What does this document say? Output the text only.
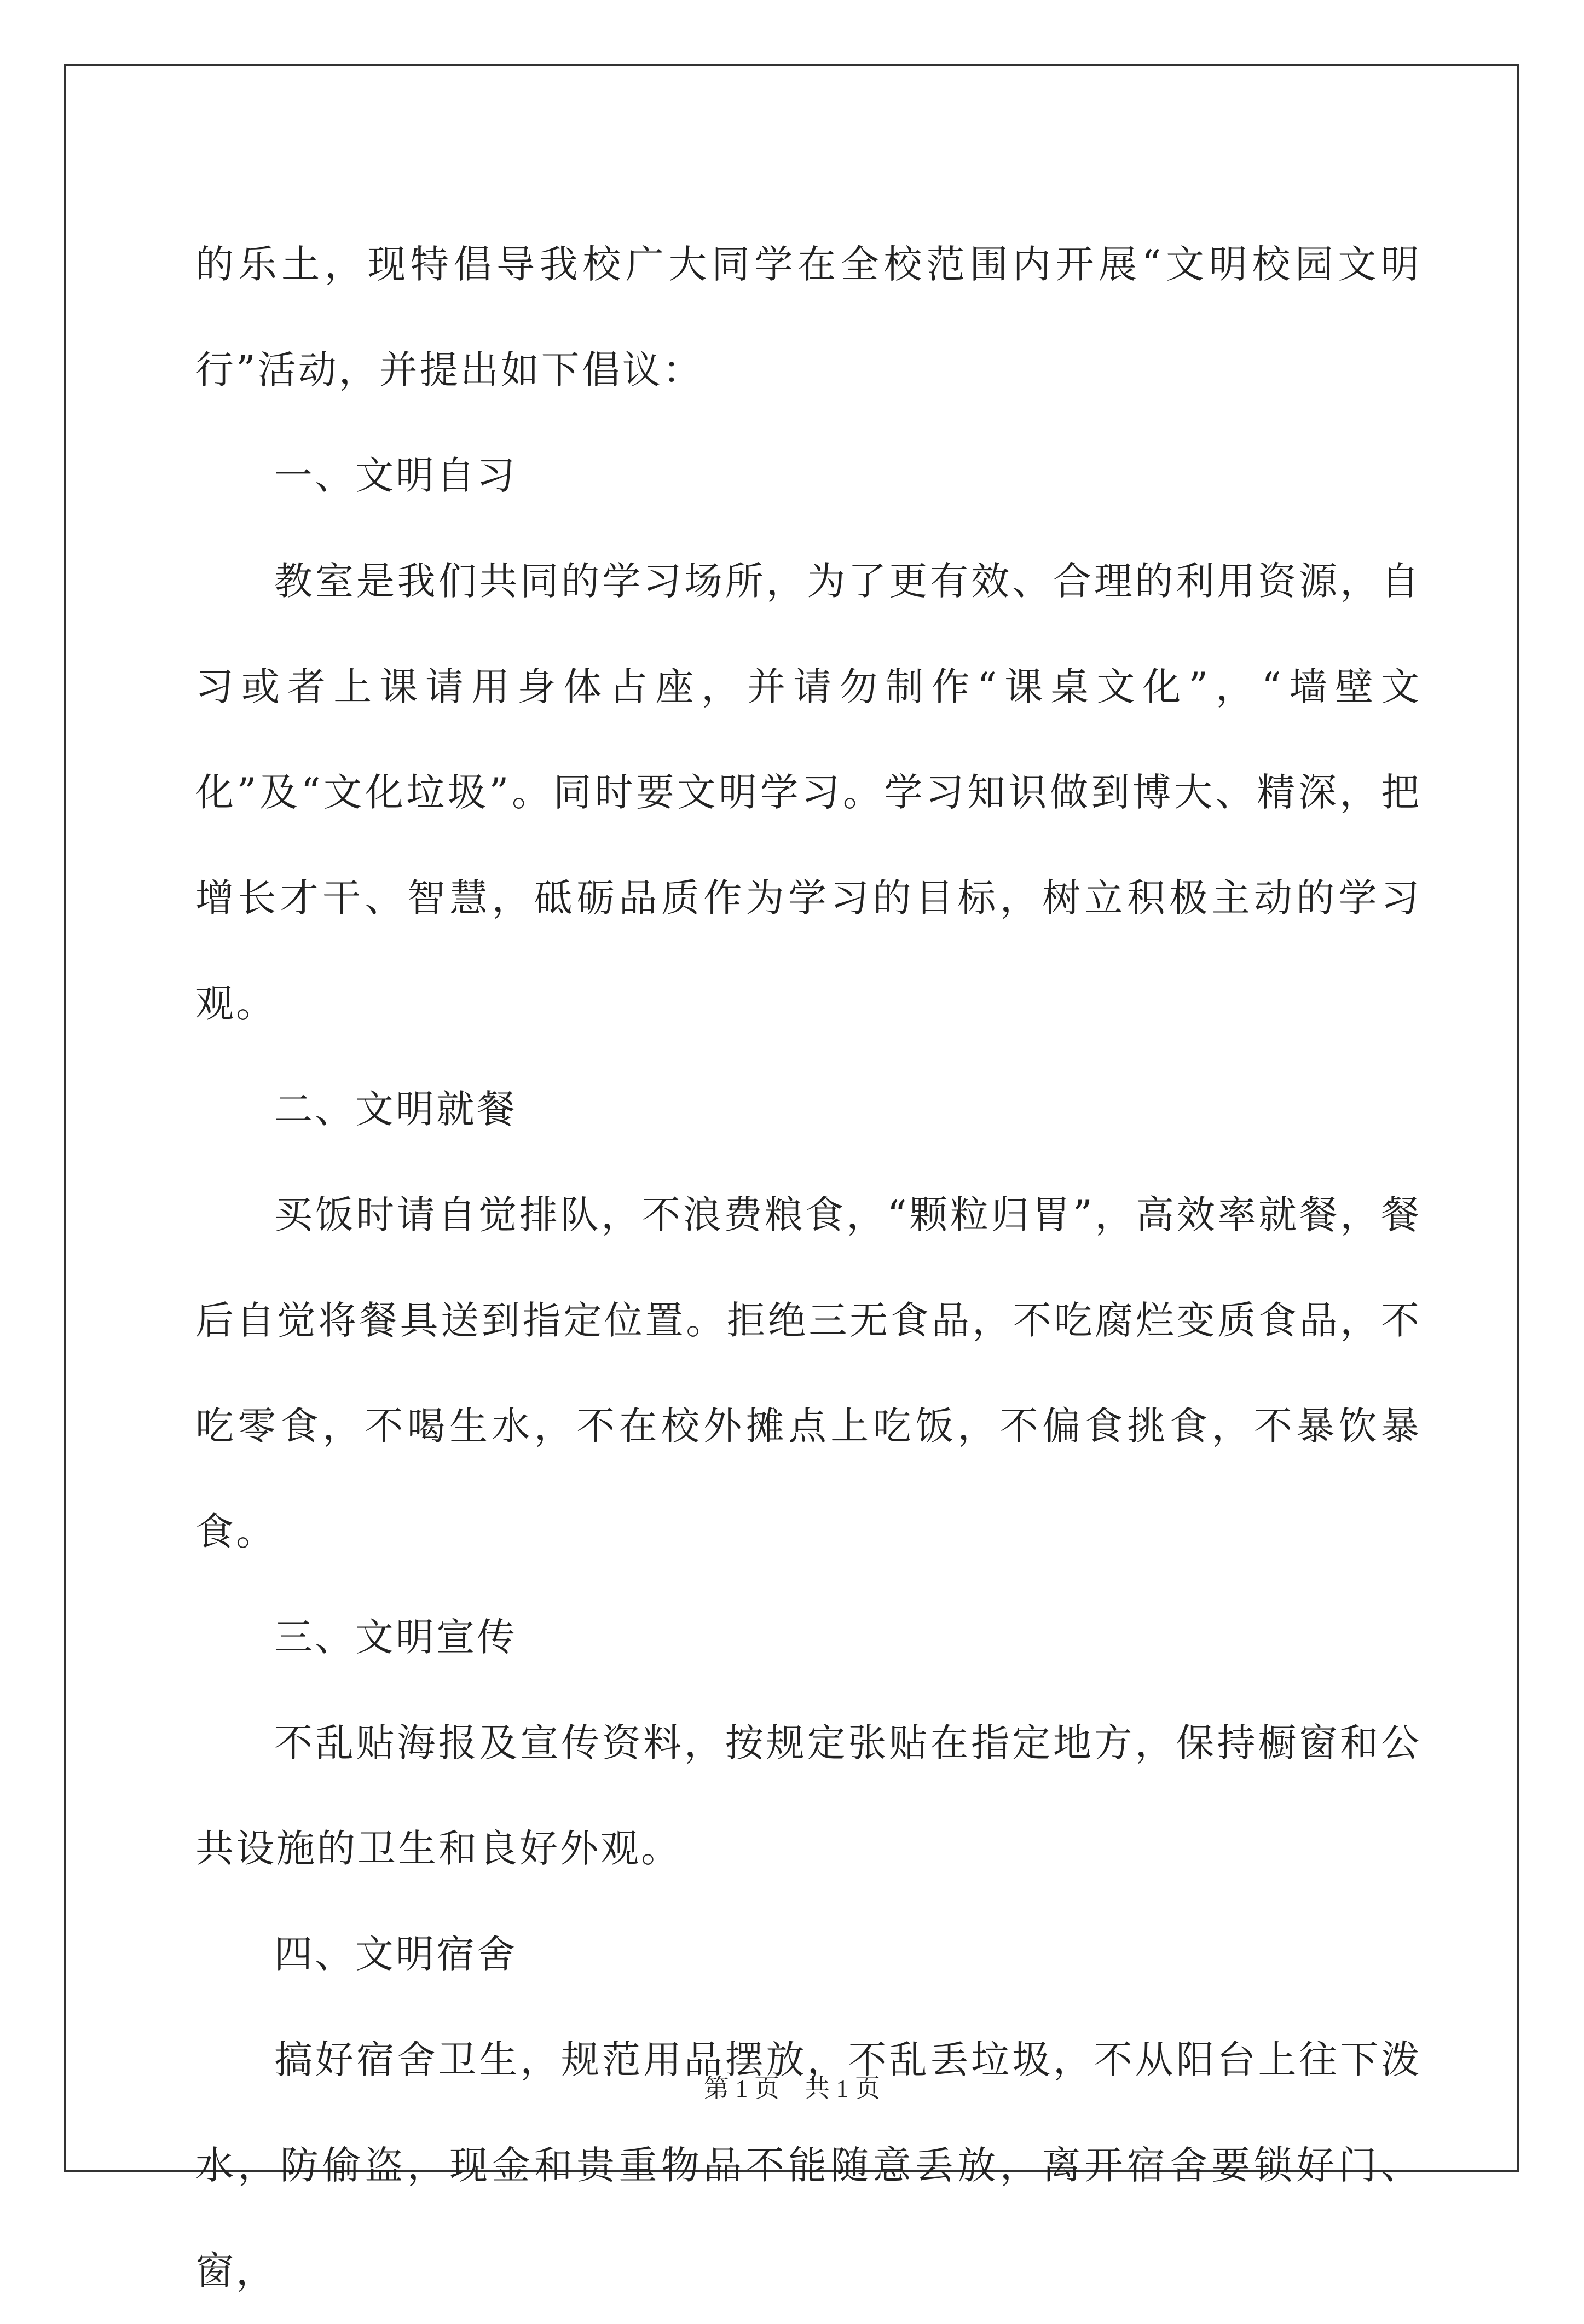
的乐土，现特倡导我校广大同学在全校范围内开展“文明校园文明行”活动，并提出如下倡议：

一、文明自习

教室是我们共同的学习场所，为了更有效、合理的利用资源，自习或者上课请用身体占座，并请勿制作“课桌文化”，“墙壁文化”及“文化垃圾”。同时要文明学习。学习知识做到博大、精深，把增长才干、智慧，砥砺品质作为学习的目标，树立积极主动的学习观。

二、文明就餐

买饭时请自觉排队，不浪费粮食，“颗粒归胃”，高效率就餐，餐后自觉将餐具送到指定位置。拒绝三无食品，不吃腐烂变质食品，不吃零食，不喝生水，不在校外摊点上吃饭，不偏食挑食，不暴饮暴食。

三、文明宣传

不乱贴海报及宣传资料，按规定张贴在指定地方，保持橱窗和公共设施的卫生和良好外观。

四、文明宿舍

搞好宿舍卫生，规范用品摆放，不乱丢垃圾，不从阳台上往下泼水，防偷盗，现金和贵重物品不能随意丢放，离开宿舍要锁好门、窗，

第 1 页    共 1 页
